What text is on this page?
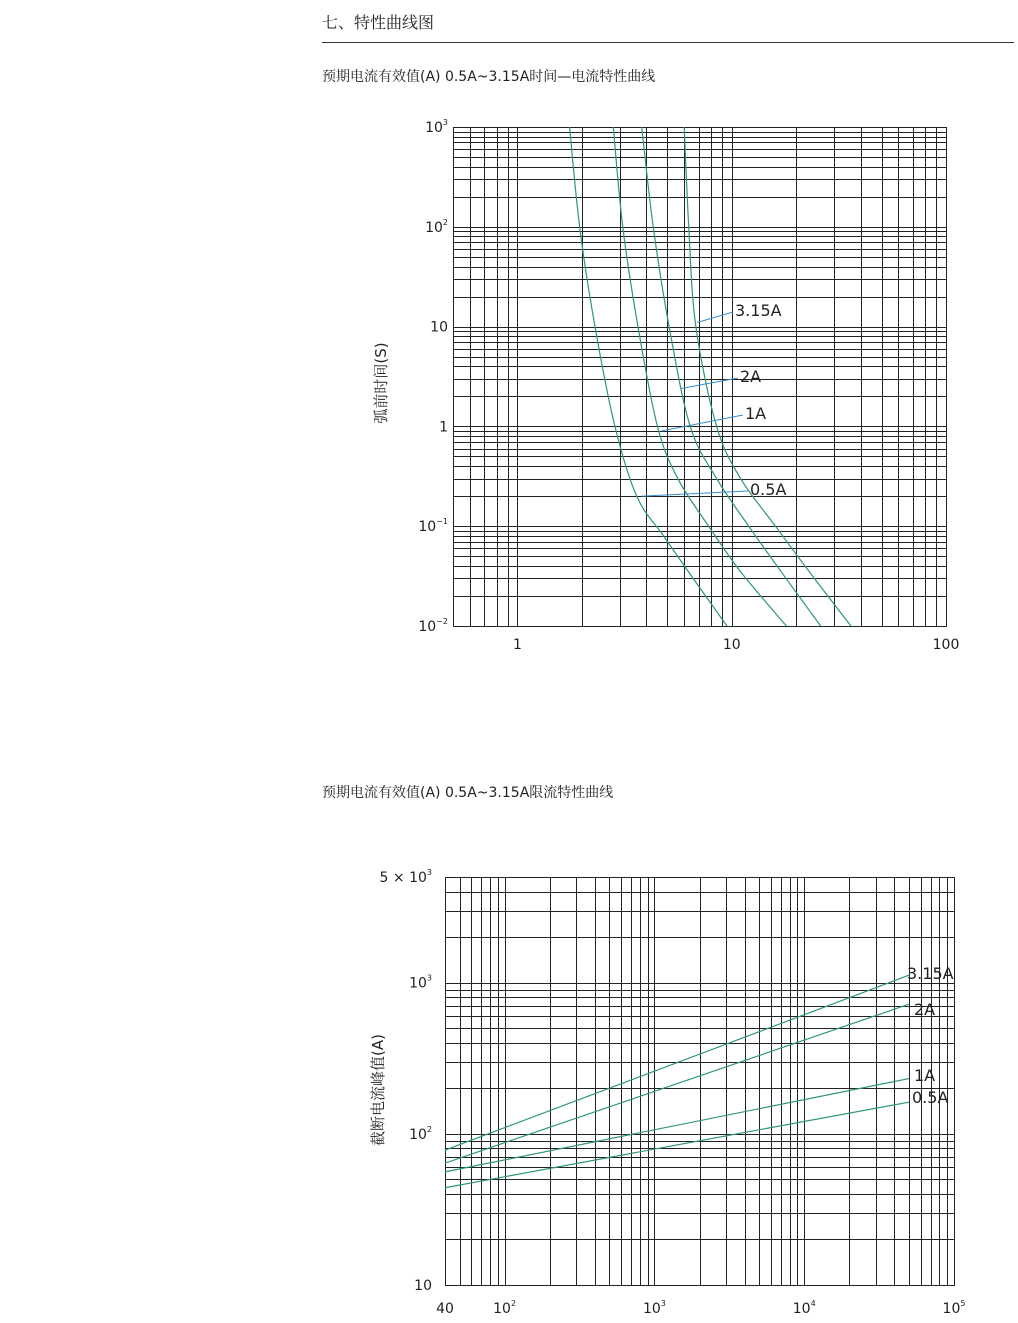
七、特性曲线图
预期电流有效值(A) 0.5A~3.15A时间—电流特性曲线
预期电流有效值(A) 0.5A~3.15A限流特性曲线
0.5A
1A
2A
3.15A
1	10	100
$10^{-2}$
$10^{-1}$
1
10
$10^2$
$10^3$
弧前时间(S)
3.15A
2A
1A
0.5A
40	$10^2$	$10^3$	$10^4$	$10^5$
10
$10^2$
$10^3$
$5 \times 10^3$
截断电流峰值(A)
